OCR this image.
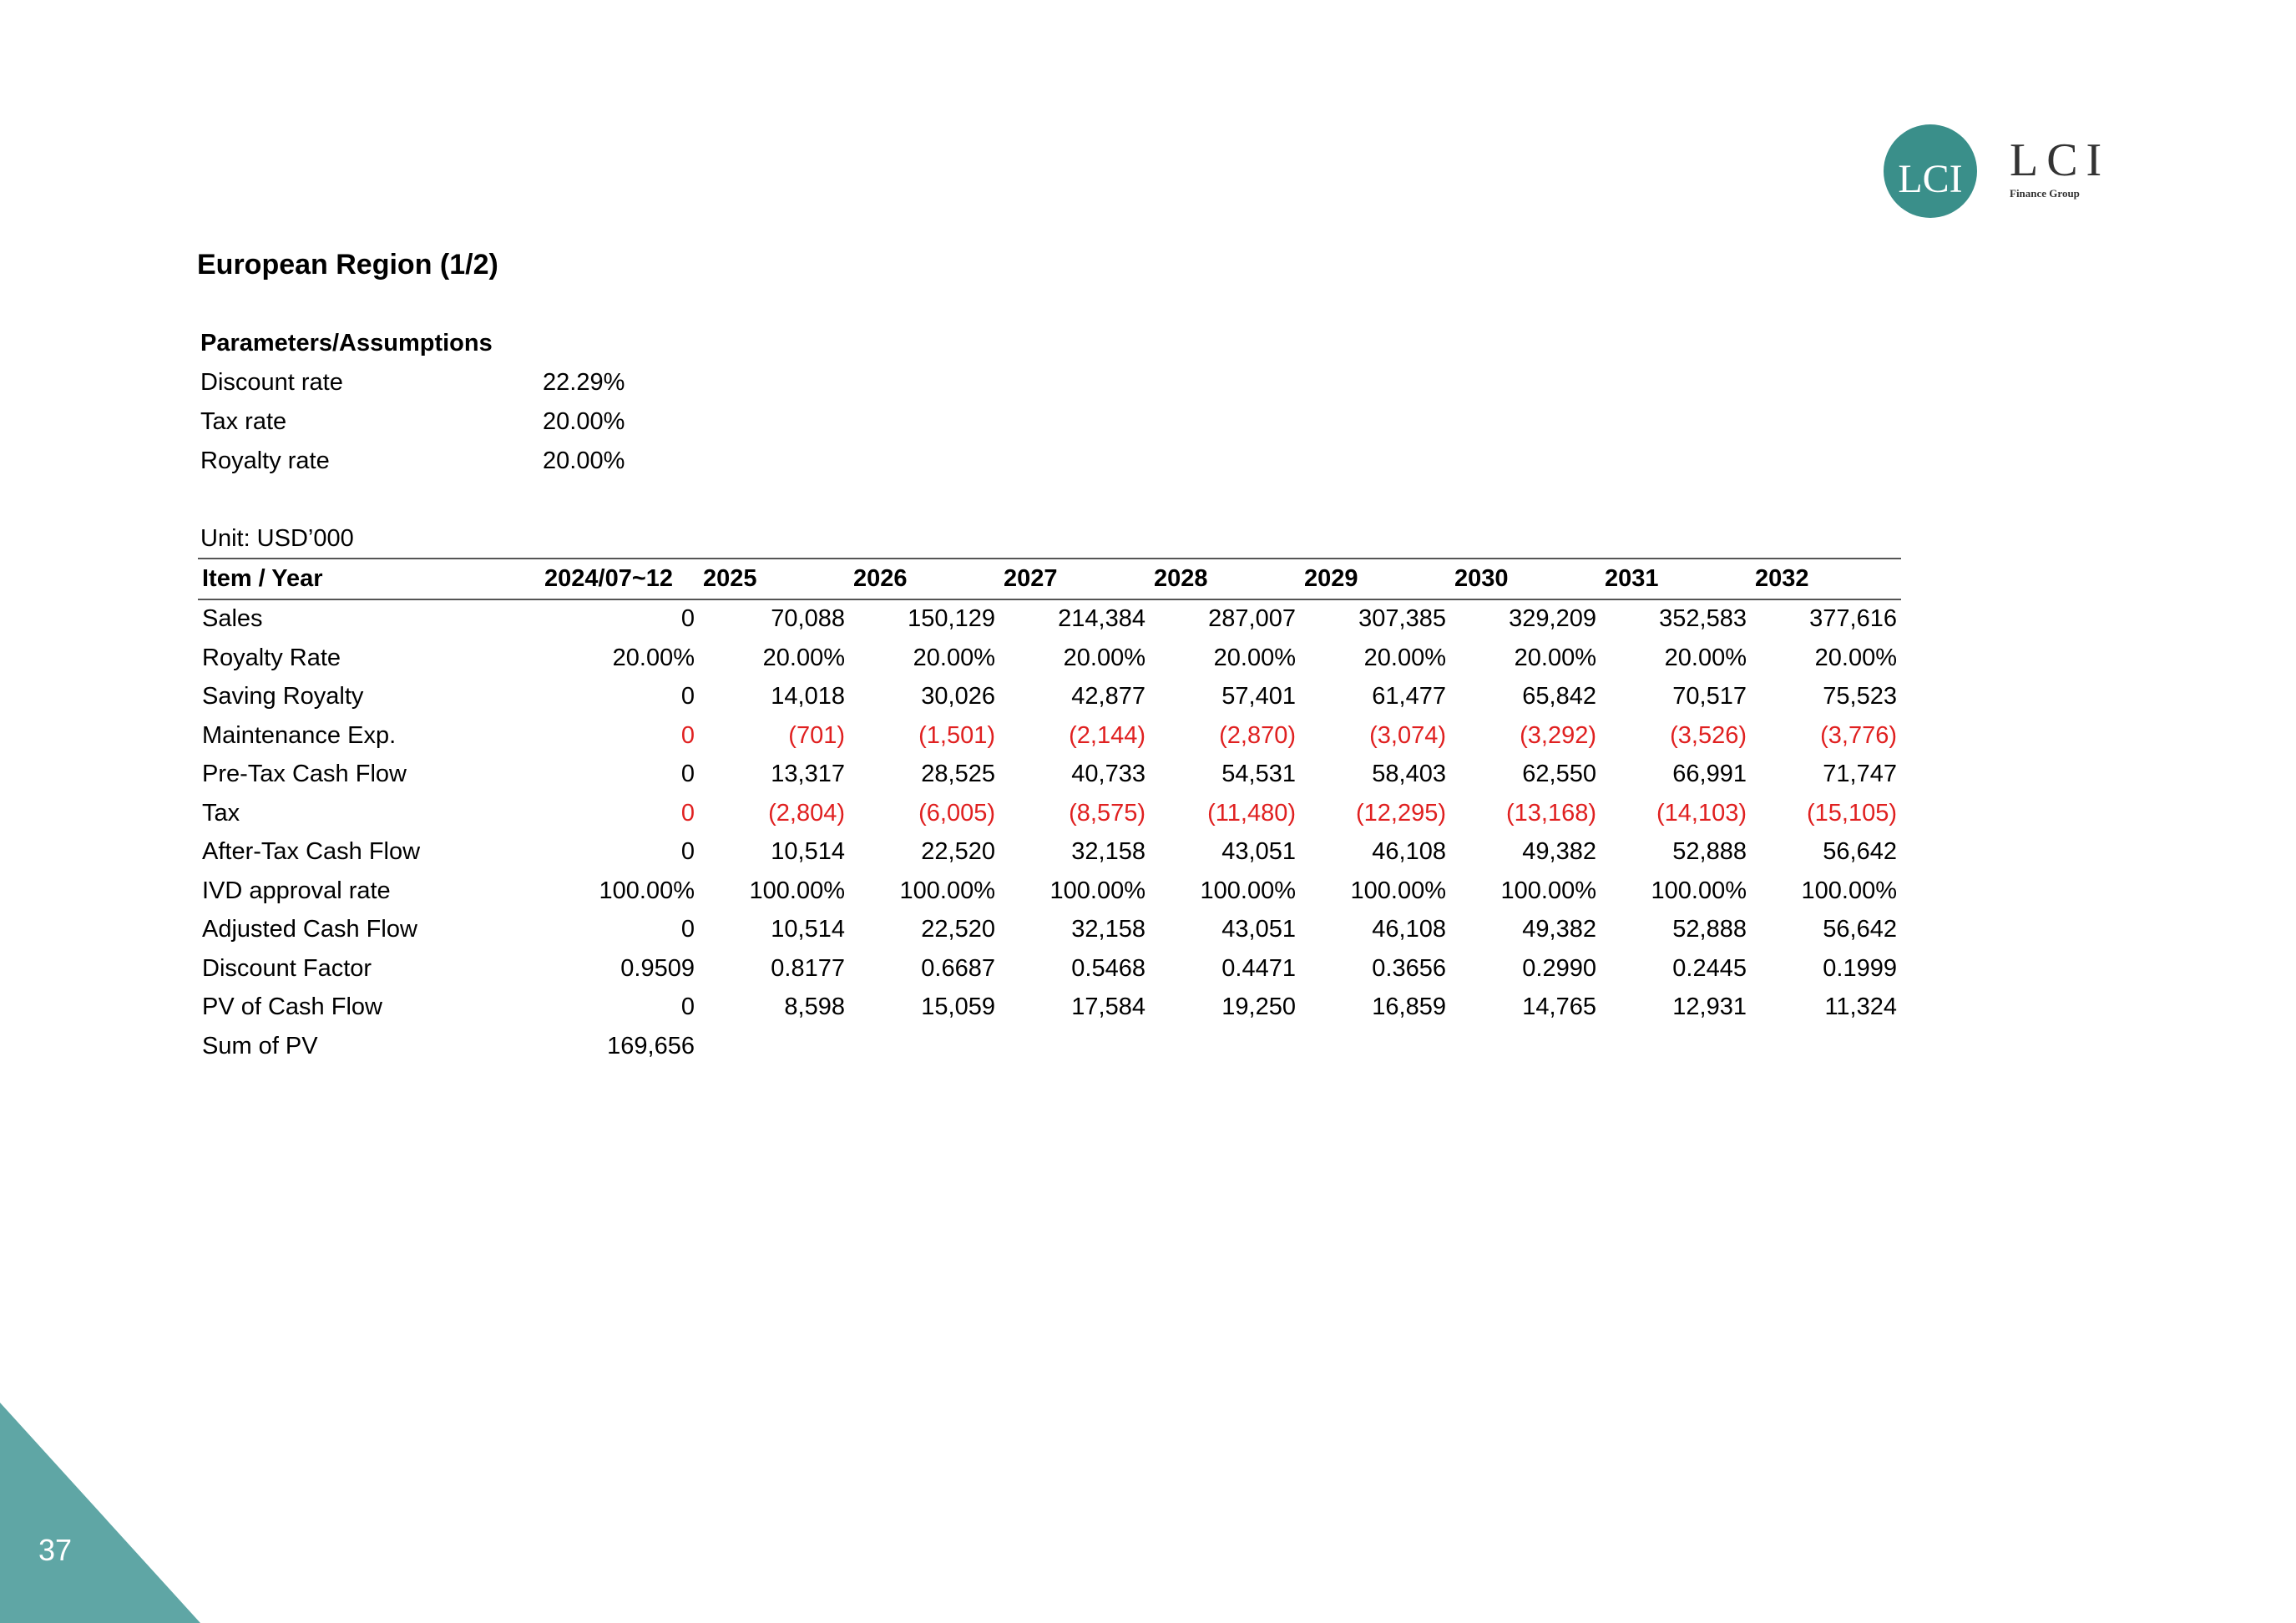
LCI LCI
Finance Group
European Region (1/2)
Parameters/Assumptions
Discount rate	22.29%
Tax rate	20.00%
Royalty rate	20.00%
Unit: USD’000
Item / Year	2024/07~12	2025	2026	2027	2028	2029	2030	2031	2032
Sales	0	70,088	150,129	214,384	287,007	307,385	329,209	352,583	377,616
Royalty Rate	20.00%	20.00%	20.00%	20.00%	20.00%	20.00%	20.00%	20.00%	20.00%
Saving Royalty	0	14,018	30,026	42,877	57,401	61,477	65,842	70,517	75,523
Maintenance Exp.	0	(701)	(1,501)	(2,144)	(2,870)	(3,074)	(3,292)	(3,526)	(3,776)
Pre-Tax Cash Flow	0	13,317	28,525	40,733	54,531	58,403	62,550	66,991	71,747
Tax	0	(2,804)	(6,005)	(8,575)	(11,480)	(12,295)	(13,168)	(14,103)	(15,105)
After-Tax Cash Flow	0	10,514	22,520	32,158	43,051	46,108	49,382	52,888	56,642
IVD approval rate	100.00%	100.00%	100.00%	100.00%	100.00%	100.00%	100.00%	100.00%	100.00%
Adjusted Cash Flow	0	10,514	22,520	32,158	43,051	46,108	49,382	52,888	56,642
Discount Factor	0.9509	0.8177	0.6687	0.5468	0.4471	0.3656	0.2990	0.2445	0.1999
PV of Cash Flow	0	8,598	15,059	17,584	19,250	16,859	14,765	12,931	11,324
Sum of PV	169,656								
37
